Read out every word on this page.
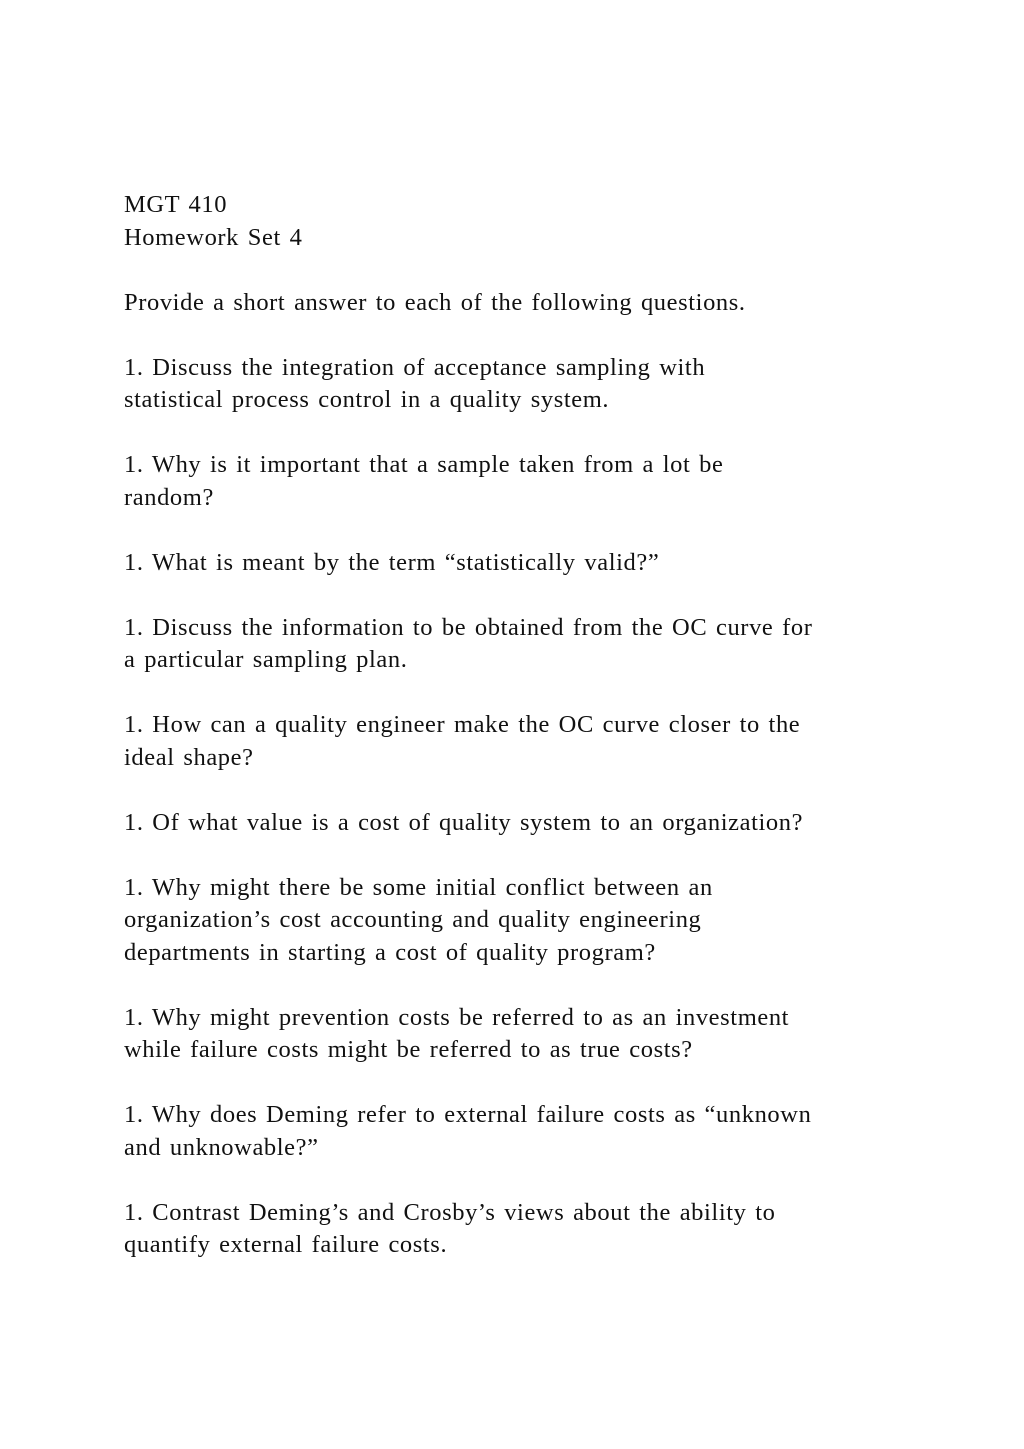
MGT 410
Homework Set 4
Provide a short answer to each of the following questions.
1. Discuss the integration of acceptance sampling with
statistical process control in a quality system.
1. Why is it important that a sample taken from a lot be
random?
1. What is meant by the term “statistically valid?”
1. Discuss the information to be obtained from the OC curve for
a particular sampling plan.
1. How can a quality engineer make the OC curve closer to the
ideal shape?
1. Of what value is a cost of quality system to an organization?
1. Why might there be some initial conflict between an
organization’s cost accounting and quality engineering
departments in starting a cost of quality program?
1. Why might prevention costs be referred to as an investment
while failure costs might be referred to as true costs?
1. Why does Deming refer to external failure costs as “unknown
and unknowable?”
1. Contrast Deming’s and Crosby’s views about the ability to
quantify external failure costs.
